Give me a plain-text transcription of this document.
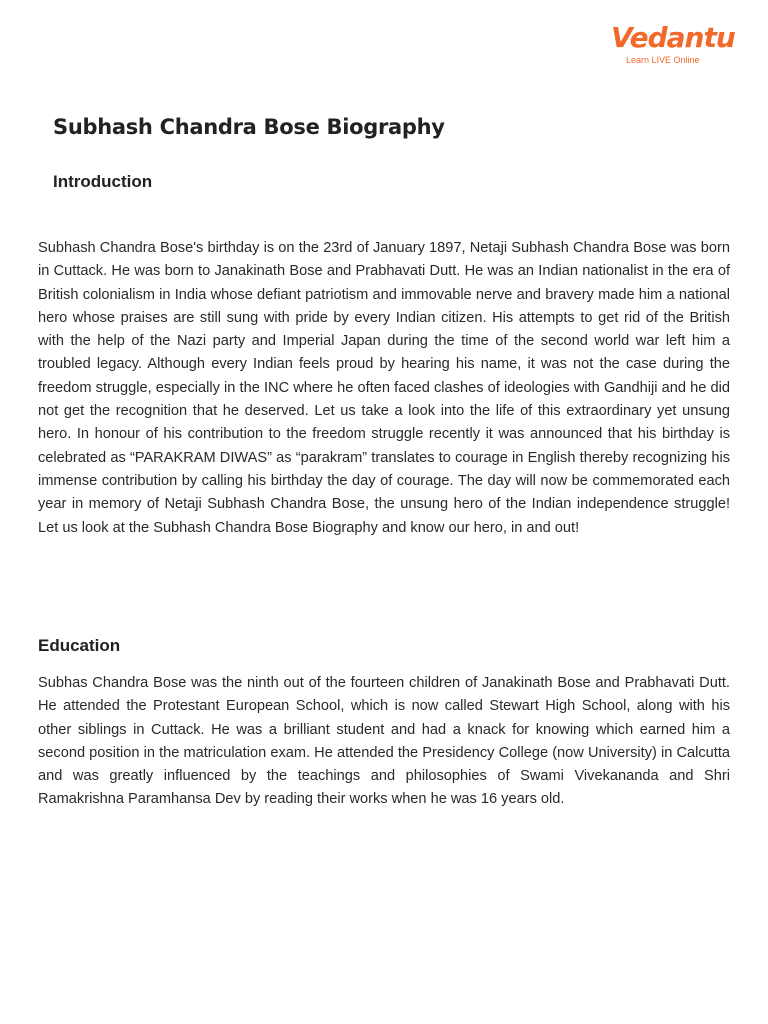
Vedantu
Learn LIVE Online
Subhash Chandra Bose Biography
Introduction

Subhash Chandra Bose's birthday is on the 23rd of January 1897, Netaji Subhash Chandra Bose was born in Cuttack. He was born to Janakinath Bose and Prabhavati Dutt. He was an Indian nationalist in the era of British colonialism in India whose defiant patriotism and immovable nerve and bravery made him a national hero whose praises are still sung with pride by every Indian citizen. His attempts to get rid of the British with the help of the Nazi party and Imperial Japan during the time of the second world war left him a troubled legacy. Although every Indian feels proud by hearing his name, it was not the case during the freedom struggle, especially in the INC where he often faced clashes of ideologies with Gandhiji and he did not get the recognition that he deserved. Let us take a look into the life of this extraordinary yet unsung hero. In honour of his contribution to the freedom struggle recently it was announced that his birthday is celebrated as “PARAKRAM DIWAS” as “parakram” translates to courage in English thereby recognizing his immense contribution by calling his birthday the day of courage. The day will now be commemorated each year in memory of Netaji Subhash Chandra Bose, the unsung hero of the Indian independence struggle! Let us look at the Subhash Chandra Bose Biography and know our hero, in and out!

Education

Subhas Chandra Bose was the ninth out of the fourteen children of Janakinath Bose and Prabhavati Dutt. He attended the Protestant European School, which is now called Stewart High School, along with his other siblings in Cuttack. He was a brilliant student and had a knack for knowing which earned him a second position in the matriculation exam. He attended the Presidency College (now University) in Calcutta and was greatly influenced by the teachings and philosophies of Swami Vivekananda and Shri Ramakrishna Paramhansa Dev by reading their works when he was 16 years old.
